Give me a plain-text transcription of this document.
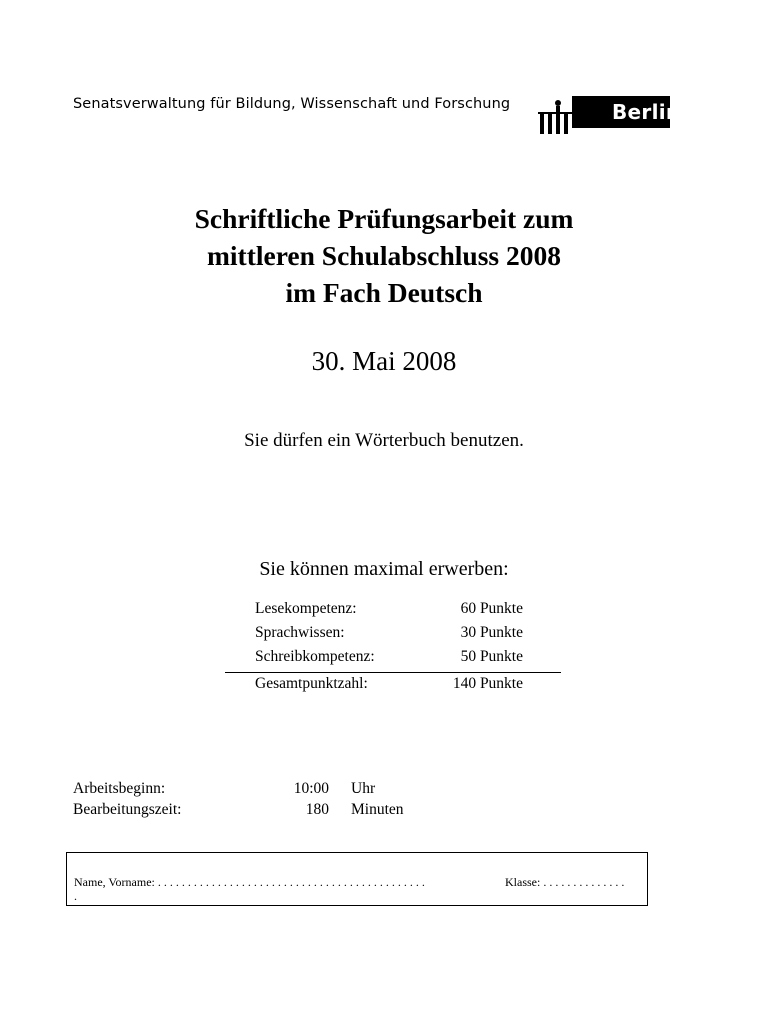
Senatsverwaltung für Bildung, Wissenschaft und Forschung	Berlin
Schriftliche Prüfungsarbeit zum
mittleren Schulabschluss 2008
im Fach Deutsch
30. Mai 2008
Sie dürfen ein Wörterbuch benutzen.
Sie können maximal erwerben:
Lesekompetenz:	60 Punkte
Sprachwissen:	30 Punkte
Schreibkompetenz:	50 Punkte
Gesamtpunktzahl:	140 Punkte
Arbeitsbeginn:	10:00 Uhr
Bearbeitungszeit:	180 Minuten
Name, Vorname: . . . . . . . . . . . . . . . . . . . . . . . . . . . . . . . . . . . . . . . . . . . . .
.
Klasse: . . . . . . . . . . . . . .
